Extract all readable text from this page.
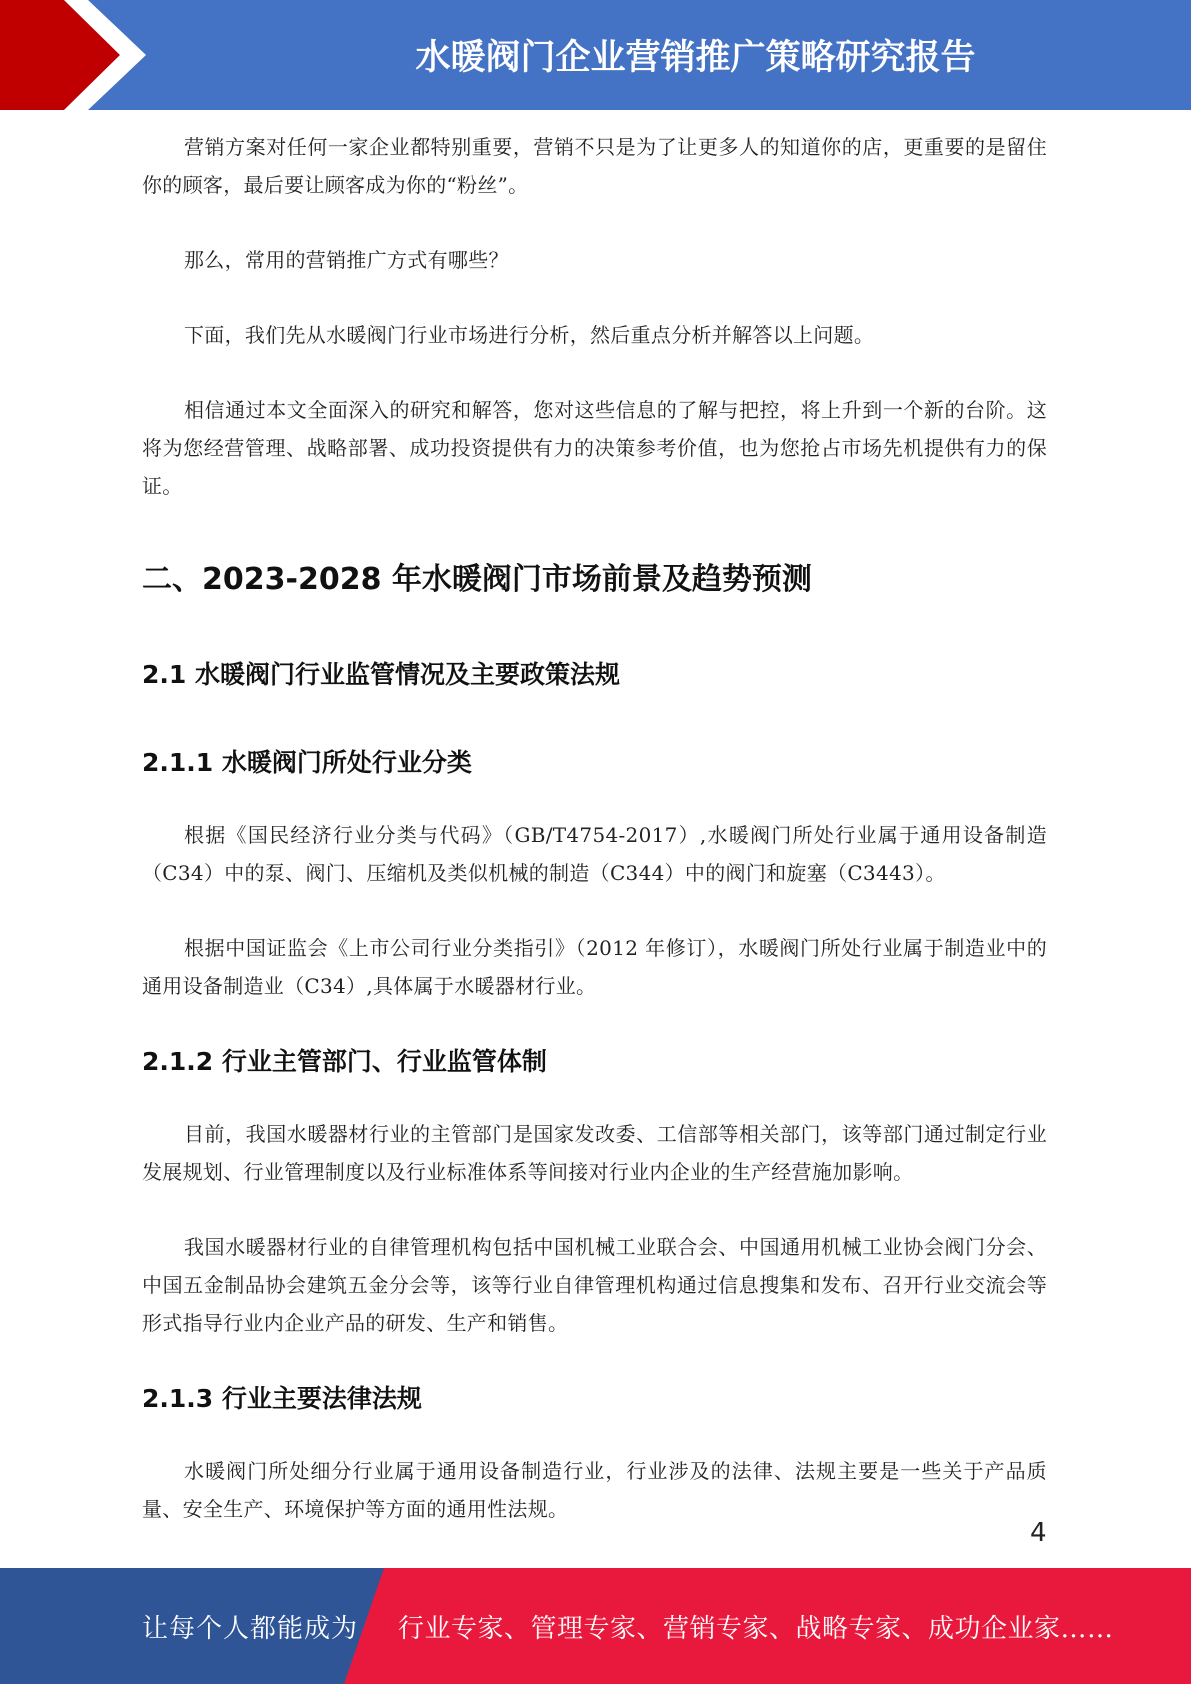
水暖阀门企业营销推广策略研究报告

营销方案对任何一家企业都特别重要，营销不只是为了让更多人的知道你的店，更重要的是留住你的顾客，最后要让顾客成为你的“粉丝”。

那么，常用的营销推广方式有哪些？

下面，我们先从水暖阀门行业市场进行分析，然后重点分析并解答以上问题。

相信通过本文全面深入的研究和解答，您对这些信息的了解与把控，将上升到一个新的台阶。这将为您经营管理、战略部署、成功投资提供有力的决策参考价值，也为您抢占市场先机提供有力的保证。

二、2023-2028 年水暖阀门市场前景及趋势预测
2.1 水暖阀门行业监管情况及主要政策法规
2.1.1 水暖阀门所处行业分类

根据《国民经济行业分类与代码》（GB/T4754-2017）,水暖阀门所处行业属于通用设备制造（C34）中的泵、阀门、压缩机及类似机械的制造（C344）中的阀门和旋塞（C3443）。

根据中国证监会《上市公司行业分类指引》（2012 年修订），水暖阀门所处行业属于制造业中的通用设备制造业（C34）,具体属于水暖器材行业。

2.1.2 行业主管部门、行业监管体制

目前，我国水暖器材行业的主管部门是国家发改委、工信部等相关部门，该等部门通过制定行业发展规划、行业管理制度以及行业标准体系等间接对行业内企业的生产经营施加影响。

我国水暖器材行业的自律管理机构包括中国机械工业联合会、中国通用机械工业协会阀门分会、中国五金制品协会建筑五金分会等，该等行业自律管理机构通过信息搜集和发布、召开行业交流会等形式指导行业内企业产品的研发、生产和销售。

2.1.3 行业主要法律法规

水暖阀门所处细分行业属于通用设备制造行业，行业涉及的法律、法规主要是一些关于产品质量、安全生产、环境保护等方面的通用性法规。

4
让每个人都能成为 行业专家、管理专家、营销专家、战略专家、成功企业家……
